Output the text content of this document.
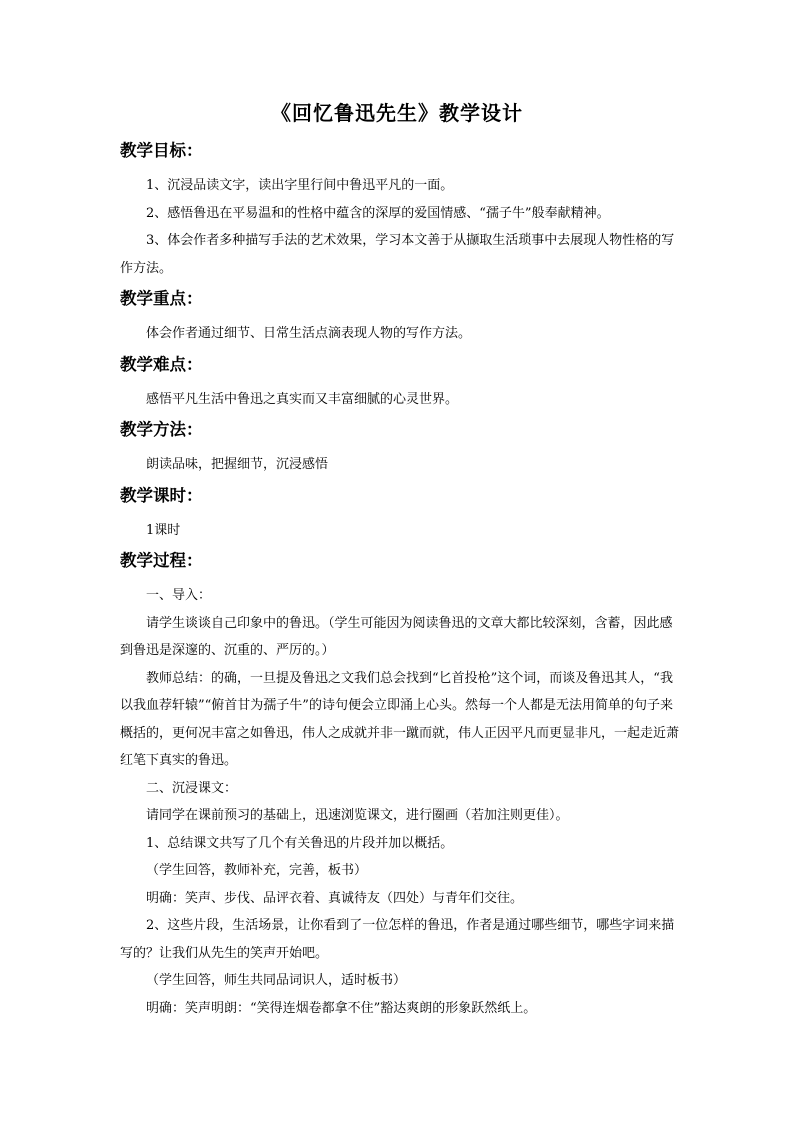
《回忆鲁迅先生》教学设计
教学目标：

1、沉浸品读文字，读出字里行间中鲁迅平凡的一面。

2、感悟鲁迅在平易温和的性格中蕴含的深厚的爱国情感、“孺子牛”般奉献精神。

3、体会作者多种描写手法的艺术效果，学习本文善于从撷取生活琐事中去展现人物性格的写作方法。

教学重点：

体会作者通过细节、日常生活点滴表现人物的写作方法。

教学难点：

感悟平凡生活中鲁迅之真实而又丰富细腻的心灵世界。

教学方法：

朗读品味，把握细节，沉浸感悟

教学课时：

1课时

教学过程：

一、导入：

请学生谈谈自己印象中的鲁迅。（学生可能因为阅读鲁迅的文章大都比较深刻，含蓄，因此感到鲁迅是深邃的、沉重的、严厉的。）

教师总结：的确，一旦提及鲁迅之文我们总会找到“匕首投枪”这个词，而谈及鲁迅其人，“我以我血荐轩辕”“俯首甘为孺子牛”的诗句便会立即涌上心头。然每一个人都是无法用简单的句子来概括的，更何况丰富之如鲁迅，伟人之成就并非一蹴而就，伟人正因平凡而更显非凡，一起走近萧红笔下真实的鲁迅。

二、沉浸课文：

请同学在课前预习的基础上，迅速浏览课文，进行圈画（若加注则更佳）。

1、总结课文共写了几个有关鲁迅的片段并加以概括。

（学生回答，教师补充，完善，板书）

明确：笑声、步伐、品评衣着、真诚待友（四处）与青年们交往。

2、这些片段，生活场景，让你看到了一位怎样的鲁迅，作者是通过哪些细节，哪些字词来描写的？让我们从先生的笑声开始吧。

（学生回答，师生共同品词识人，适时板书）

明确：笑声明朗：“笑得连烟卷都拿不住”豁达爽朗的形象跃然纸上。
